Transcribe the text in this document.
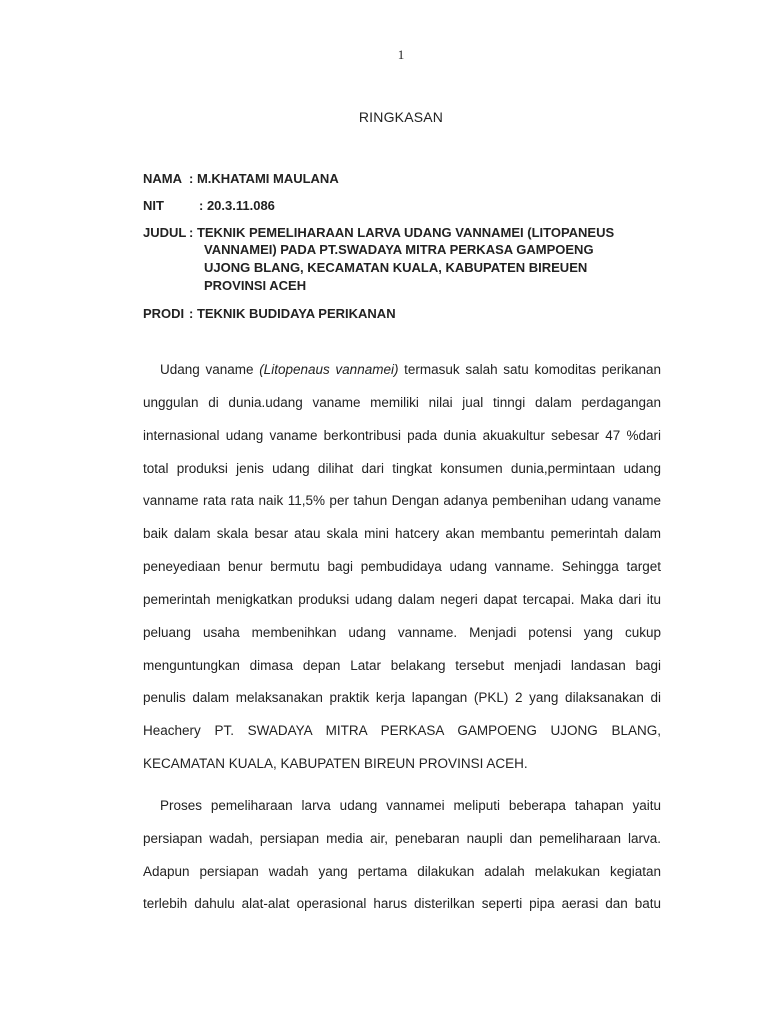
1
RINGKASAN
NAMA : M.KHATAMI MAULANA
NIT	: 20.3.11.086
JUDUL : TEKNIK PEMELIHARAAN LARVA UDANG VANNAMEI (LITOPANEUS
VANNAMEI) PADA PT.SWADAYA MITRA PERKASA GAMPOENG
UJONG BLANG, KECAMATAN KUALA, KABUPATEN BIREUEN
PROVINSI ACEH
PRODI : TEKNIK BUDIDAYA PERIKANAN
Udang vaname (Litopenaus vannamei) termasuk salah satu komoditas perikanan
unggulan di dunia.udang vaname memiliki nilai jual tinngi dalam perdagangan
internasional udang vaname berkontribusi pada dunia akuakultur sebesar 47 %dari
total produksi jenis udang dilihat dari tingkat konsumen dunia,permintaan udang
vanname rata rata naik 11,5% per tahun Dengan adanya pembenihan udang vaname
baik dalam skala besar atau skala mini hatcery akan membantu pemerintah dalam
peneyediaan benur bermutu bagi pembudidaya udang vanname. Sehingga target
pemerintah menigkatkan produksi udang dalam negeri dapat tercapai. Maka dari itu
peluang usaha membenihkan udang vanname. Menjadi potensi yang cukup
menguntungkan dimasa depan Latar belakang tersebut menjadi landasan bagi
penulis dalam melaksanakan praktik kerja lapangan (PKL) 2 yang dilaksanakan di
Heachery PT. SWADAYA MITRA PERKASA GAMPOENG UJONG BLANG,
KECAMATAN KUALA, KABUPATEN BIREUN PROVINSI ACEH.
Proses pemeliharaan larva udang vannamei meliputi beberapa tahapan yaitu
persiapan wadah, persiapan media air, penebaran naupli dan pemeliharaan larva.
Adapun persiapan wadah yang pertama dilakukan adalah melakukan kegiatan
terlebih dahulu alat-alat operasional harus disterilkan seperti pipa aerasi dan batu
